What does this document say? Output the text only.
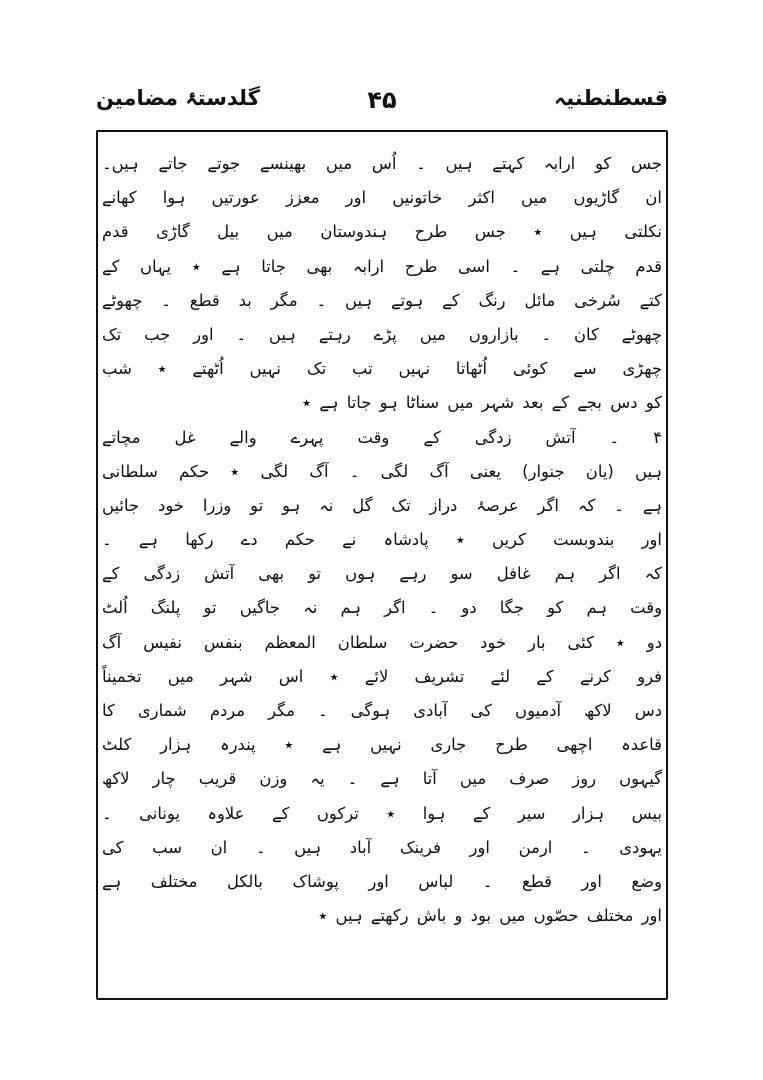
قسطنطنیہ
۴۵
گلدستۂ مضامین
جس کو ارابہ کہتے ہیں ۔ اُس میں بھینسے جوتے جاتے ہیں۔
ان گاڑیوں میں اکثر خاتونیں اور معزز عورتیں ہوا کھانے
نکلتی ہیں ٭ جس طرح ہندوستان میں بیل گاڑی قدم
قدم چلتی ہے ۔ اسی طرح ارابہ بھی جاتا ہے ٭ یہاں کے
کتے سُرخی مائل رنگ کے ہوتے ہیں ۔ مگر بد قطع ۔ چھوٹے
چھوٹے کان ۔ بازاروں میں پڑے رہتے ہیں ۔ اور جب تک
چھڑی سے کوئی اُٹھاتا نہیں تب تک نہیں اُٹھتے ٭ شب
کو دس بجے کے بعد شہر میں سناٹا ہو جاتا ہے ٭
۴ ۔ آتش زدگی کے وقت پہرے والے غل مچاتے
ہیں (یان جنوار) یعنی آگ لگی ۔ آگ لگی ٭ حکم سلطانی
ہے ۔ کہ اگر عرصۂ دراز تک گل نہ ہو تو وزرا خود جائیں
اور بندوبست کریں ٭ پادشاہ نے حکم دے رکھا ہے ۔
کہ اگر ہم غافل سو رہے ہوں تو بھی آتش زدگی کے
وقت ہم کو جگا دو ۔ اگر ہم نہ جاگیں تو پلنگ اُلٹ
دو ٭ کئی بار خود حضرت سلطان المعظم بنفس نفیس آگ
فرو کرنے کے لئے تشریف لائے ٭ اس شہر میں تخمیناً
دس لاکھ آدمیوں کی آبادی ہوگی ۔ مگر مردم شماری کا
قاعدہ اچھی طرح جاری نہیں ہے ٭ پندرہ ہزار کلٹ
گیہوں روز صرف میں آتا ہے ۔ یہ وزن قریب چار لاکھ
بیس ہزار سیر کے ہوا ٭ ترکوں کے علاوہ یونانی ۔
یہودی ۔ ارمن اور فرینک آباد ہیں ۔ ان سب کی
وضع اور قطع ۔ لباس اور پوشاک بالکل مختلف ہے
اور مختلف حصّوں میں بود و باش رکھتے ہیں ٭
